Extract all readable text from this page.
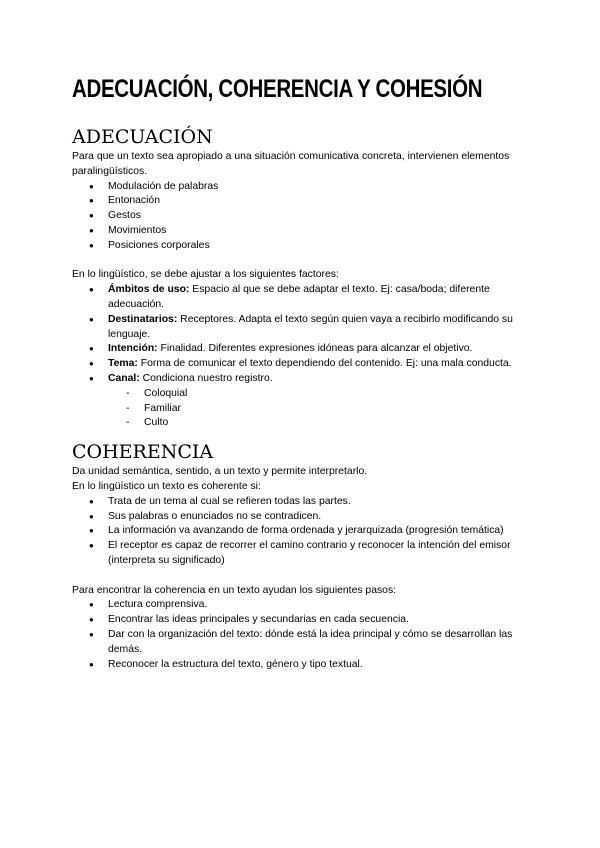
ADECUACIÓN, COHERENCIA Y COHESIÓN
ADECUACIÓN

Para que un texto sea apropiado a una situación comunicativa concreta, intervienen elementos paralingüísticos.

● Modulación de palabras
● Entonación
● Gestos
● Movimientos
● Posiciones corporales

En lo lingüístico, se debe ajustar a los siguientes factores:

● Ámbitos de uso: Espacio al que se debe adaptar el texto. Ej: casa/boda; diferente adecuación.
● Destinatarios: Receptores. Adapta el texto según quien vaya a recibirlo modificando su lenguaje.
● Intención: Finalidad. Diferentes expresiones idóneas para alcanzar el objetivo.
● Tema: Forma de comunicar el texto dependiendo del contenido. Ej: una mala conducta.
● Canal: Condiciona nuestro registro.
- Coloquial
- Familiar
- Culto
COHERENCIA

Da unidad semántica, sentido, a un texto y permite interpretarlo.

En lo lingüístico un texto es coherente si:

● Trata de un tema al cual se refieren todas las partes.
● Sus palabras o enunciados no se contradicen.
● La información va avanzando de forma ordenada y jerarquizada (progresión temática)
● El receptor es capaz de recorrer el camino contrario y reconocer la intención del emisor (interpreta su significado)

Para encontrar la coherencia en un texto ayudan los siguientes pasos:

● Lectura comprensiva.
● Encontrar las ideas principales y secundarias en cada secuencia.
● Dar con la organización del texto: dónde está la idea principal y cómo se desarrollan las demás.
● Reconocer la estructura del texto, género y tipo textual.
